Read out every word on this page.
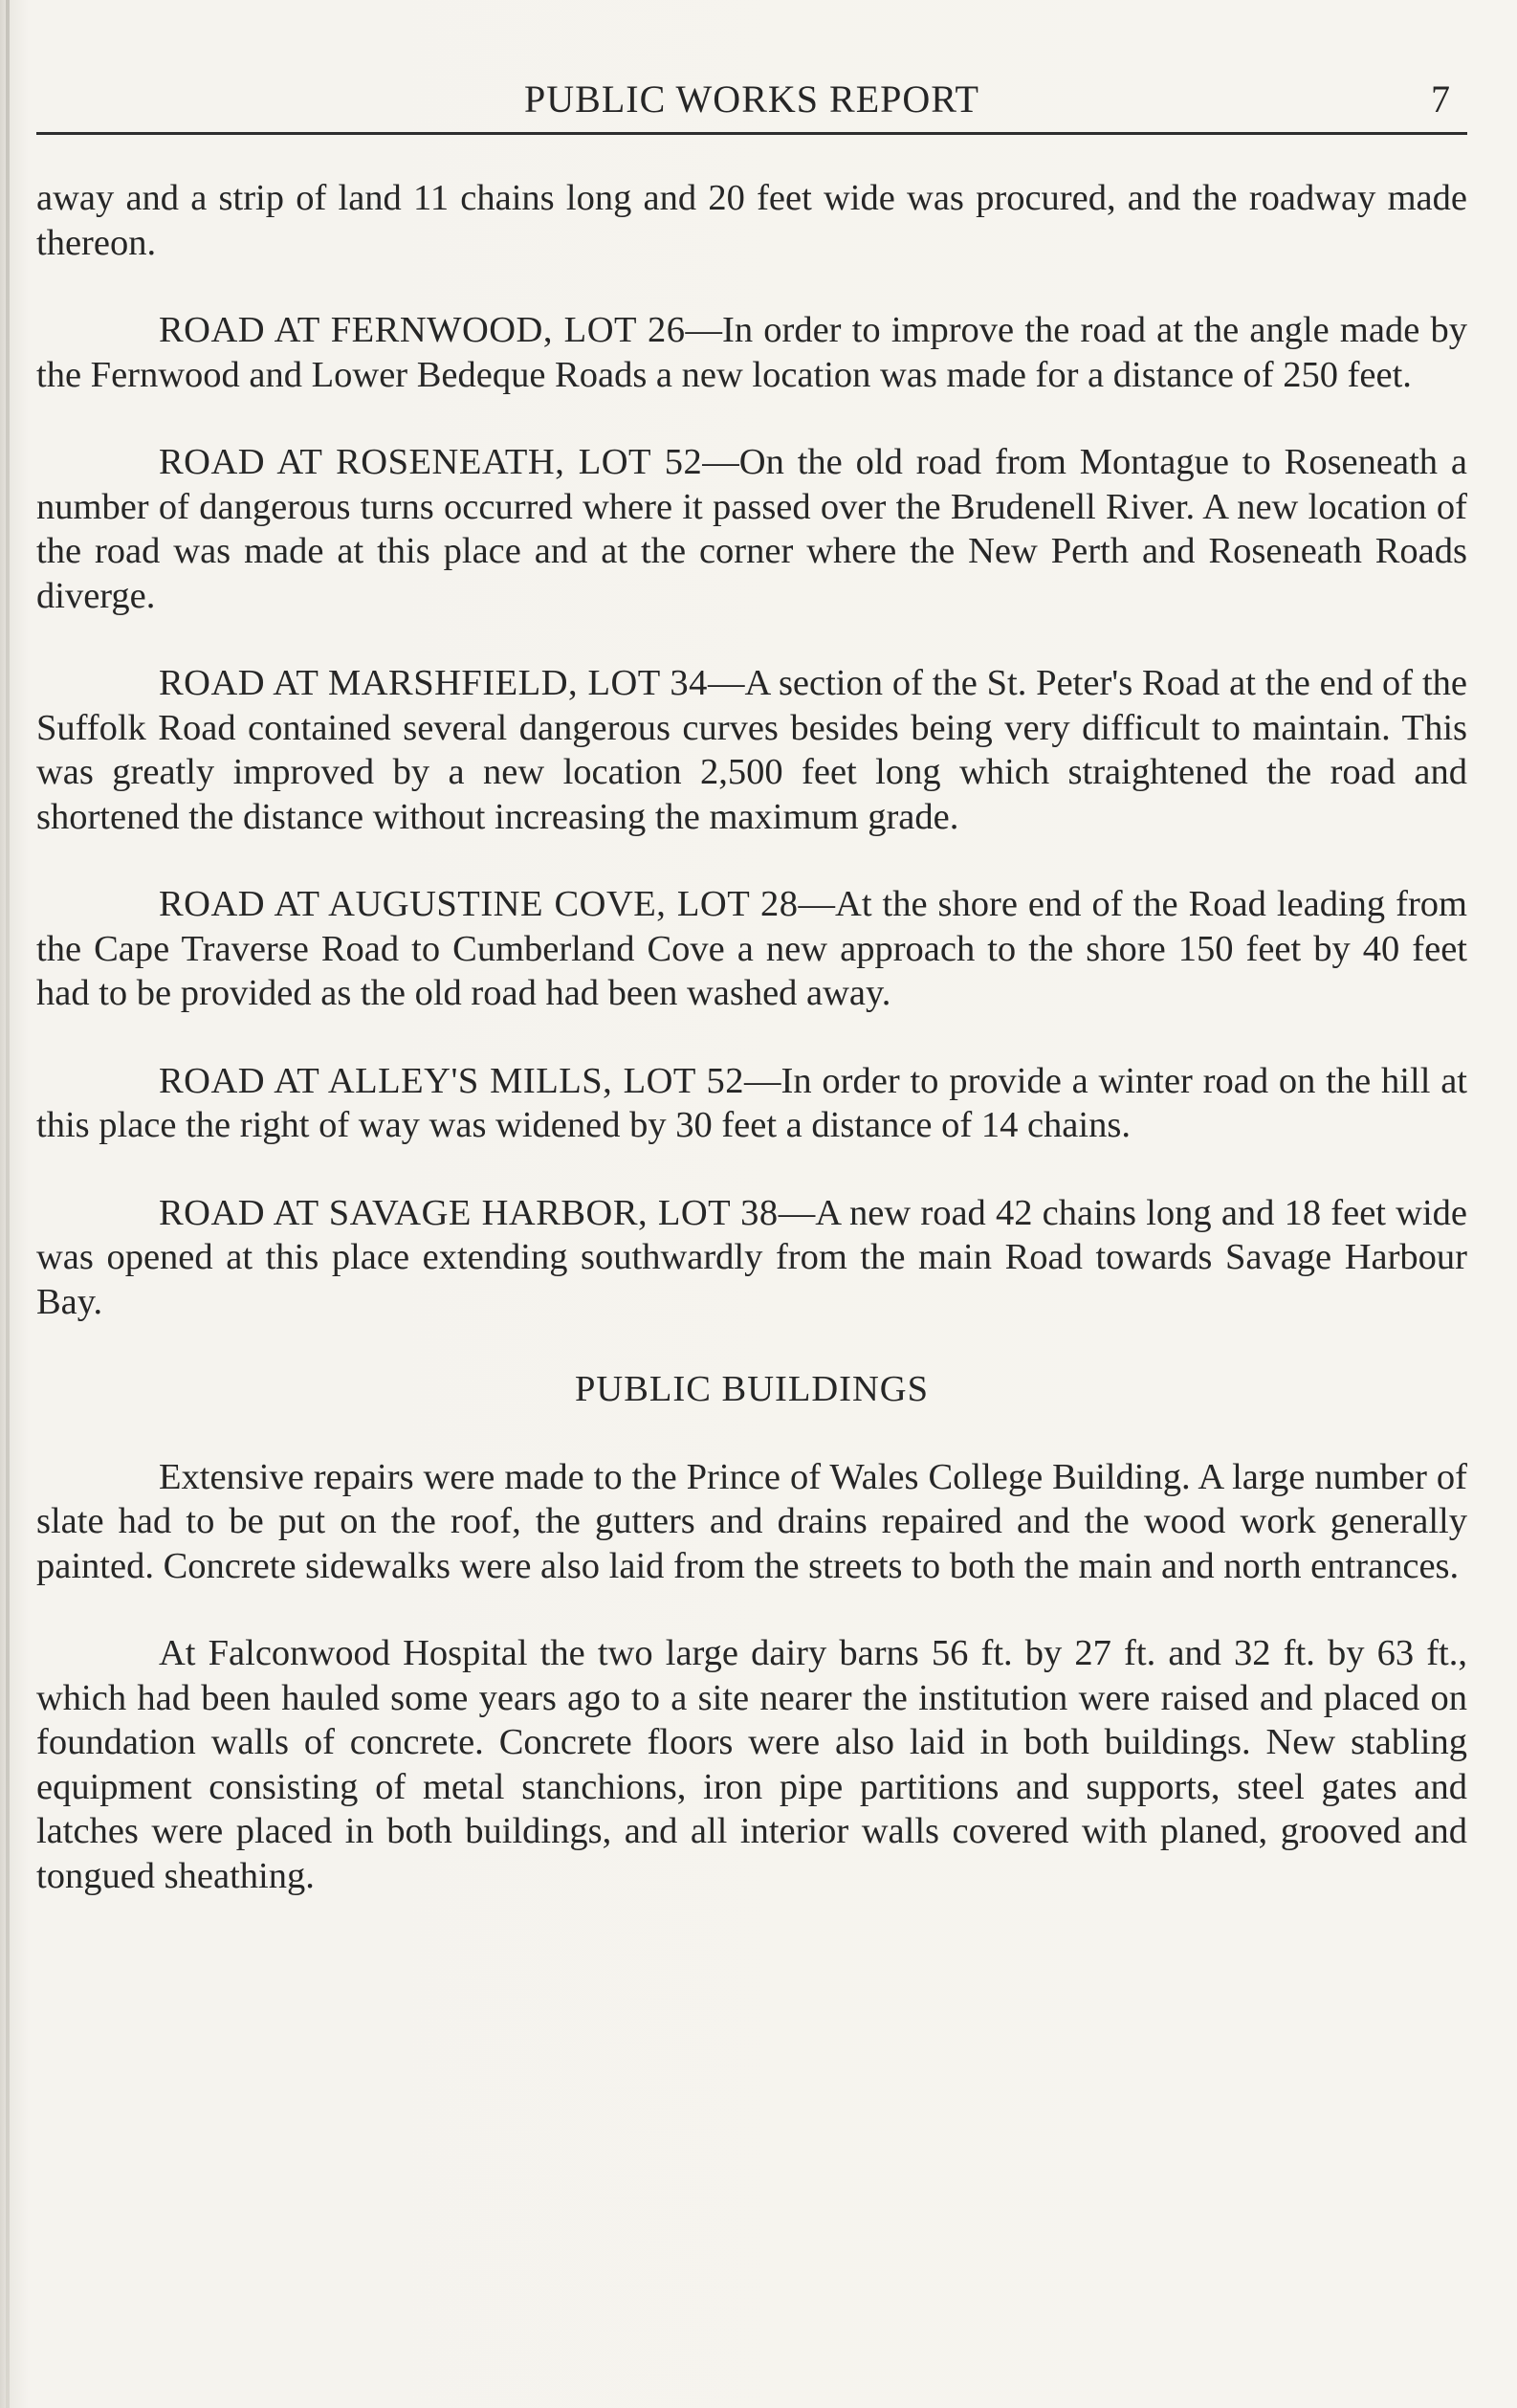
PUBLIC WORKS REPORT	7

away and a strip of land 11 chains long and 20 feet wide was procured, and the roadway made thereon.

ROAD AT FERNWOOD, LOT 26—In order to improve the road at the angle made by the Fernwood and Lower Bedeque Roads a new location was made for a distance of 250 feet.

ROAD AT ROSENEATH, LOT 52—On the old road from Montague to Roseneath a number of dangerous turns occurred where it passed over the Brudenell River. A new location of the road was made at this place and at the corner where the New Perth and Roseneath Roads diverge.

ROAD AT MARSHFIELD, LOT 34—A section of the St. Peter's Road at the end of the Suffolk Road contained several dangerous curves besides being very difficult to maintain. This was greatly improved by a new location 2,500 feet long which straightened the road and shortened the distance without increasing the maximum grade.

ROAD AT AUGUSTINE COVE, LOT 28—At the shore end of the Road leading from the Cape Traverse Road to Cumberland Cove a new approach to the shore 150 feet by 40 feet had to be provided as the old road had been washed away.

ROAD AT ALLEY'S MILLS, LOT 52—In order to provide a winter road on the hill at this place the right of way was widened by 30 feet a distance of 14 chains.

ROAD AT SAVAGE HARBOR, LOT 38—A new road 42 chains long and 18 feet wide was opened at this place extending southwardly from the main Road towards Savage Harbour Bay.

PUBLIC BUILDINGS

Extensive repairs were made to the Prince of Wales College Building. A large number of slate had to be put on the roof, the gutters and drains repaired and the wood work generally painted. Concrete sidewalks were also laid from the streets to both the main and north entrances.

At Falconwood Hospital the two large dairy barns 56 ft. by 27 ft. and 32 ft. by 63 ft., which had been hauled some years ago to a site nearer the institution were raised and placed on foundation walls of concrete. Concrete floors were also laid in both buildings. New stabling equipment consisting of metal stanchions, iron pipe partitions and supports, steel gates and latches were placed in both buildings, and all interior walls covered with planed, grooved and tongued sheathing.
